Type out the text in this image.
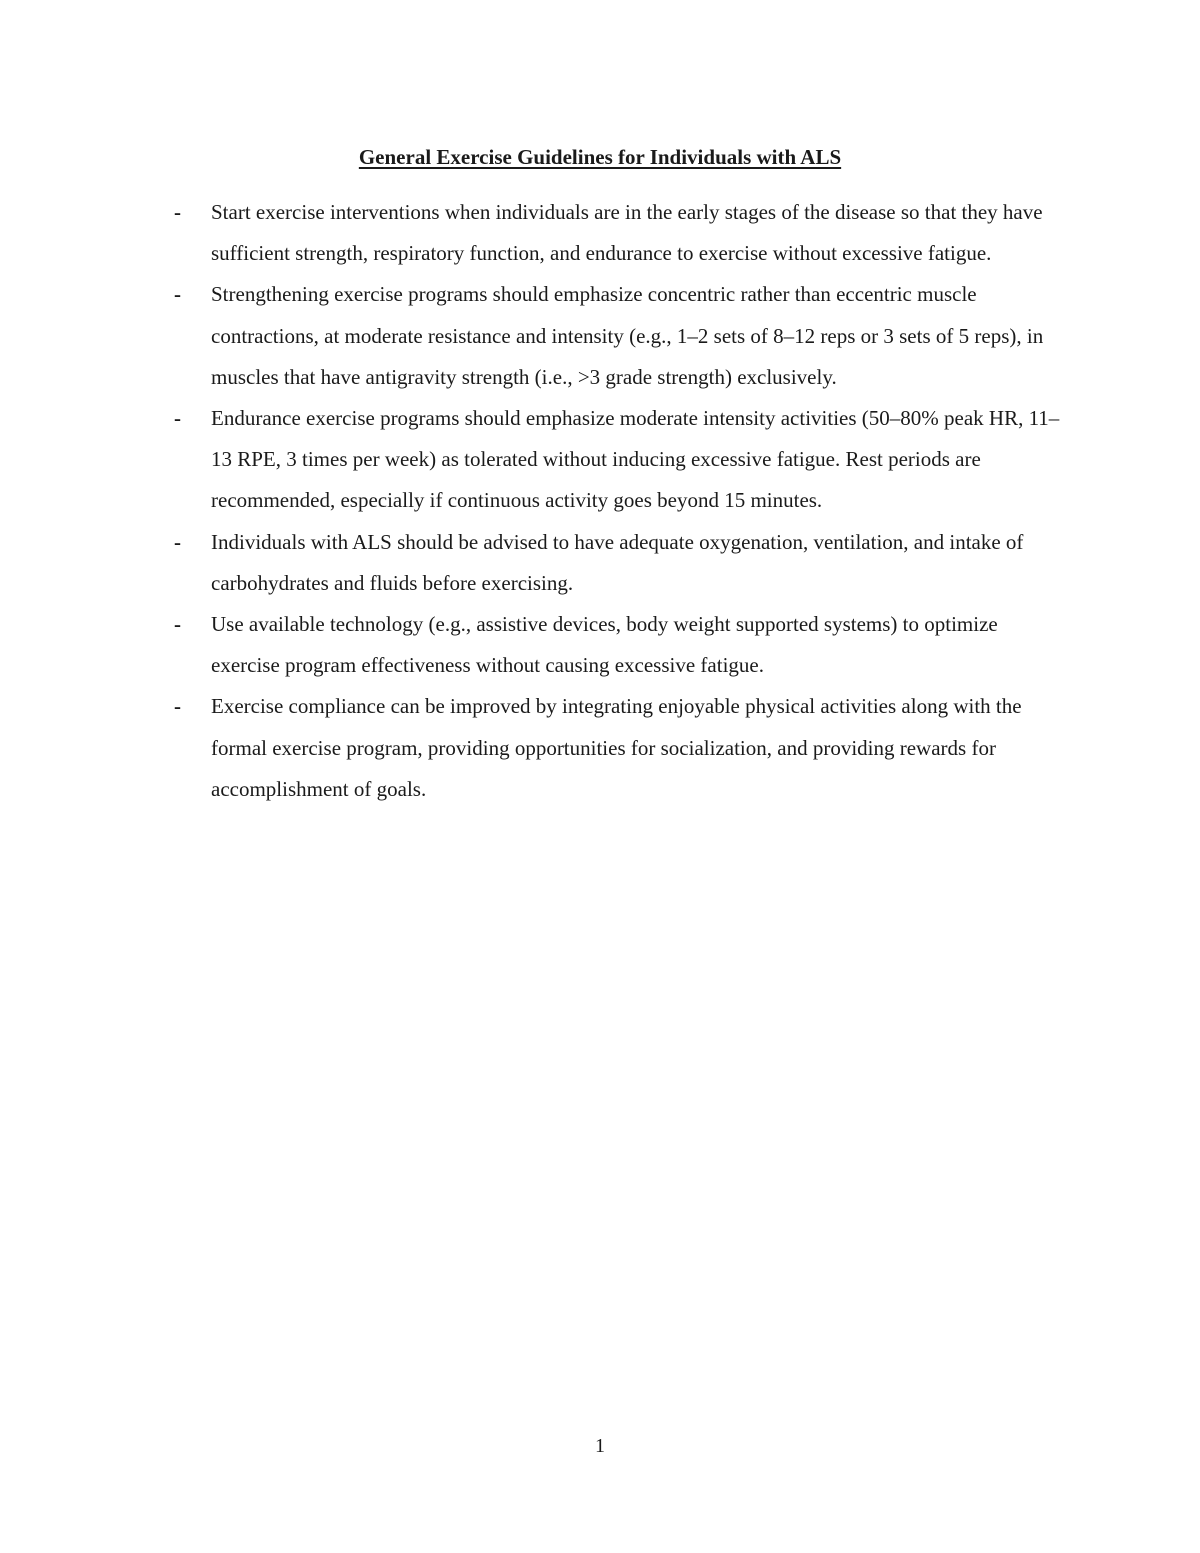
General Exercise Guidelines for Individuals with ALS
-	Start exercise interventions when individuals are in the early stages of the disease so that they have sufficient strength, respiratory function, and endurance to exercise without excessive fatigue.
-	Strengthening exercise programs should emphasize concentric rather than eccentric muscle contractions, at moderate resistance and intensity (e.g., 1–2 sets of 8–12 reps or 3 sets of 5 reps), in muscles that have antigravity strength (i.e., >3 grade strength) exclusively.
-	Endurance exercise programs should emphasize moderate intensity activities (50–80% peak HR, 11–13 RPE, 3 times per week) as tolerated without inducing excessive fatigue. Rest periods are recommended, especially if continuous activity goes beyond 15 minutes.
-	Individuals with ALS should be advised to have adequate oxygenation, ventilation, and intake of carbohydrates and fluids before exercising.
-	Use available technology (e.g., assistive devices, body weight supported systems) to optimize exercise program effectiveness without causing excessive fatigue.
-	Exercise compliance can be improved by integrating enjoyable physical activities along with the formal exercise program, providing opportunities for socialization, and providing rewards for accomplishment of goals.
1
